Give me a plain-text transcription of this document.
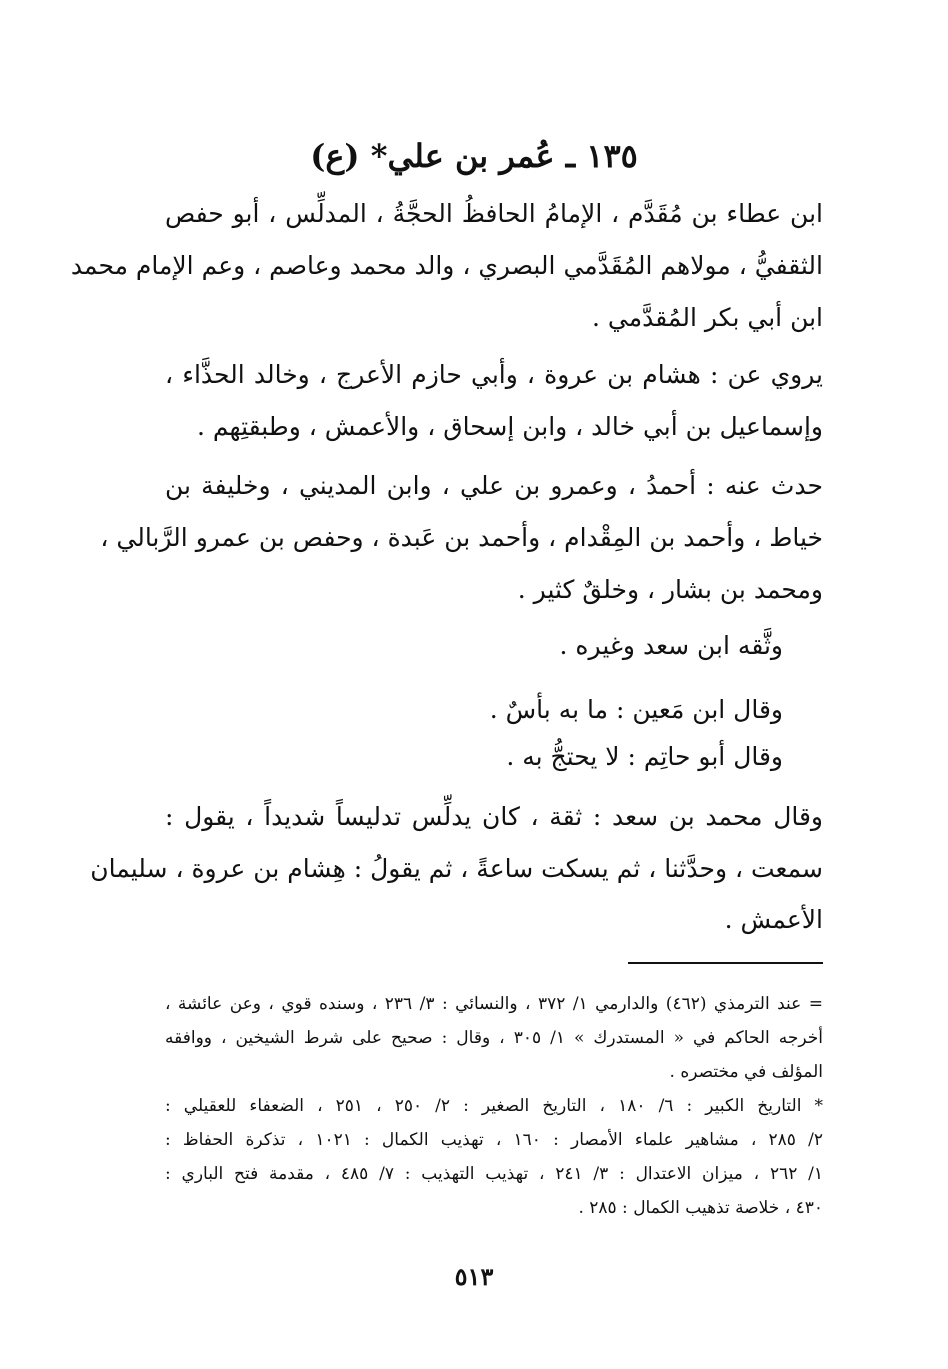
١٣٥ ـ عُمر بن علي* (ع)
ابن عطاء بن مُقَدَّم ، الإمامُ الحافظُ الحجَّةُ ، المدلِّس ، أبو حفص
الثقفيُّ ، مولاهم المُقَدَّمي البصري ، والد محمد وعاصم ، وعم الإمام محمد
ابن أبي بكر المُقدَّمي .
يروي عن : هشام بن عروة ، وأبي حازم الأعرج ، وخالد الحذَّاء ،
وإسماعيل بن أبي خالد ، وابن إسحاق ، والأعمش ، وطبقتِهم .
حدث عنه : أحمدُ ، وعمرو بن علي ، وابن المديني ، وخليفة بن
خياط ، وأحمد بن المِقْدام ، وأحمد بن عَبدة ، وحفص بن عمرو الرَّبالي ،
ومحمد بن بشار ، وخلقٌ كثير .
وثَّقه ابن سعد وغيره .
وقال ابن مَعين : ما به بأسٌ .
وقال أبو حاتِم : لا يحتجُّ به .
وقال محمد بن سعد : ثقة ، كان يدلِّس تدليساً شديداً ، يقول :
سمعت ، وحدَّثنا ، ثم يسكت ساعةً ، ثم يقولُ : هِشام بن عروة ، سليمان
الأعمش .
= عند الترمذي (٤٦٢) والدارمي ١/ ٣٧٢ ، والنسائي : ٣/ ٢٣٦ ، وسنده قوي ، وعن عائشة ،
أخرجه الحاكم في « المستدرك » ١/ ٣٠٥ ، وقال : صحيح على شرط الشيخين ، ووافقه
المؤلف في مختصره .
* التاريخ الكبير : ٦/ ١٨٠ ، التاريخ الصغير : ٢/ ٢٥٠ ، ٢٥١ ، الضعفاء للعقيلي :
٢/ ٢٨٥ ، مشاهير علماء الأمصار : ١٦٠ ، تهذيب الكمال : ١٠٢١ ، تذكرة الحفاظ :
١/ ٢٦٢ ، ميزان الاعتدال : ٣/ ٢٤١ ، تهذيب التهذيب : ٧/ ٤٨٥ ، مقدمة فتح الباري :
٤٣٠ ، خلاصة تذهيب الكمال : ٢٨٥ .
٥١٣
